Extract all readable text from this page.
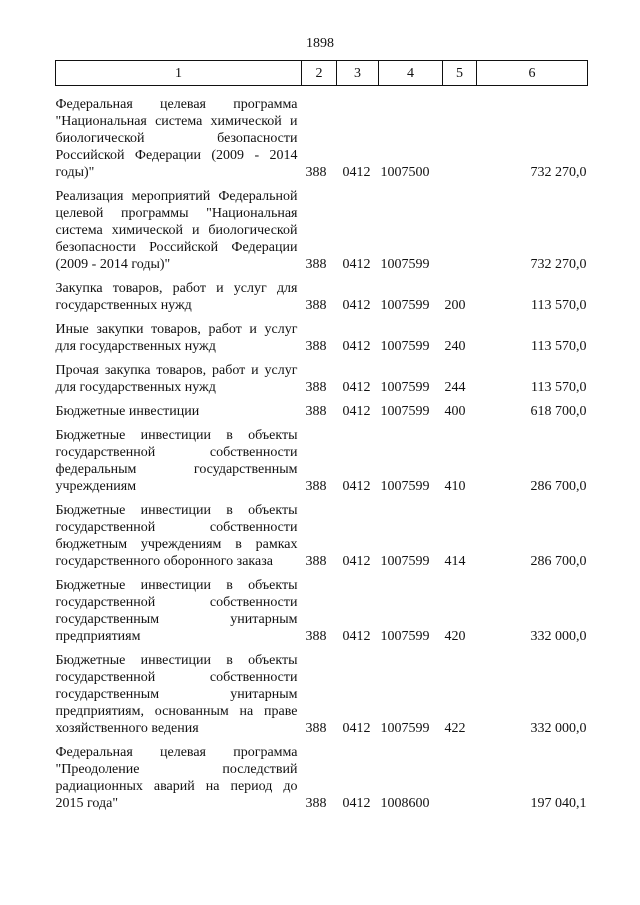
1898
1	2	3	4	5	6
Федеральная целевая программа "Национальная система химической и биологической безопасности Российской Федерации (2009 - 2014 годы)"	388	0412	1007500		732 270,0
Реализация мероприятий Федеральной целевой программы "Национальная система химической и биологической безопасности Российской Федерации (2009 - 2014 годы)"	388	0412	1007599		732 270,0
Закупка товаров, работ и услуг для государственных нужд	388	0412	1007599	200	113 570,0
Иные закупки товаров, работ и услуг для государственных нужд	388	0412	1007599	240	113 570,0
Прочая закупка товаров, работ и услуг для государственных нужд	388	0412	1007599	244	113 570,0
Бюджетные инвестиции	388	0412	1007599	400	618 700,0
Бюджетные инвестиции в объекты государственной собственности федеральным государственным учреждениям	388	0412	1007599	410	286 700,0
Бюджетные инвестиции в объекты государственной собственности бюджетным учреждениям в рамках государственного оборонного заказа	388	0412	1007599	414	286 700,0
Бюджетные инвестиции в объекты государственной собственности государственным унитарным предприятиям	388	0412	1007599	420	332 000,0
Бюджетные инвестиции в объекты государственной собственности государственным унитарным предприятиям, основанным на праве хозяйственного ведения	388	0412	1007599	422	332 000,0
Федеральная целевая программа "Преодоление последствий радиационных аварий на период до 2015 года"	388	0412	1008600		197 040,1
